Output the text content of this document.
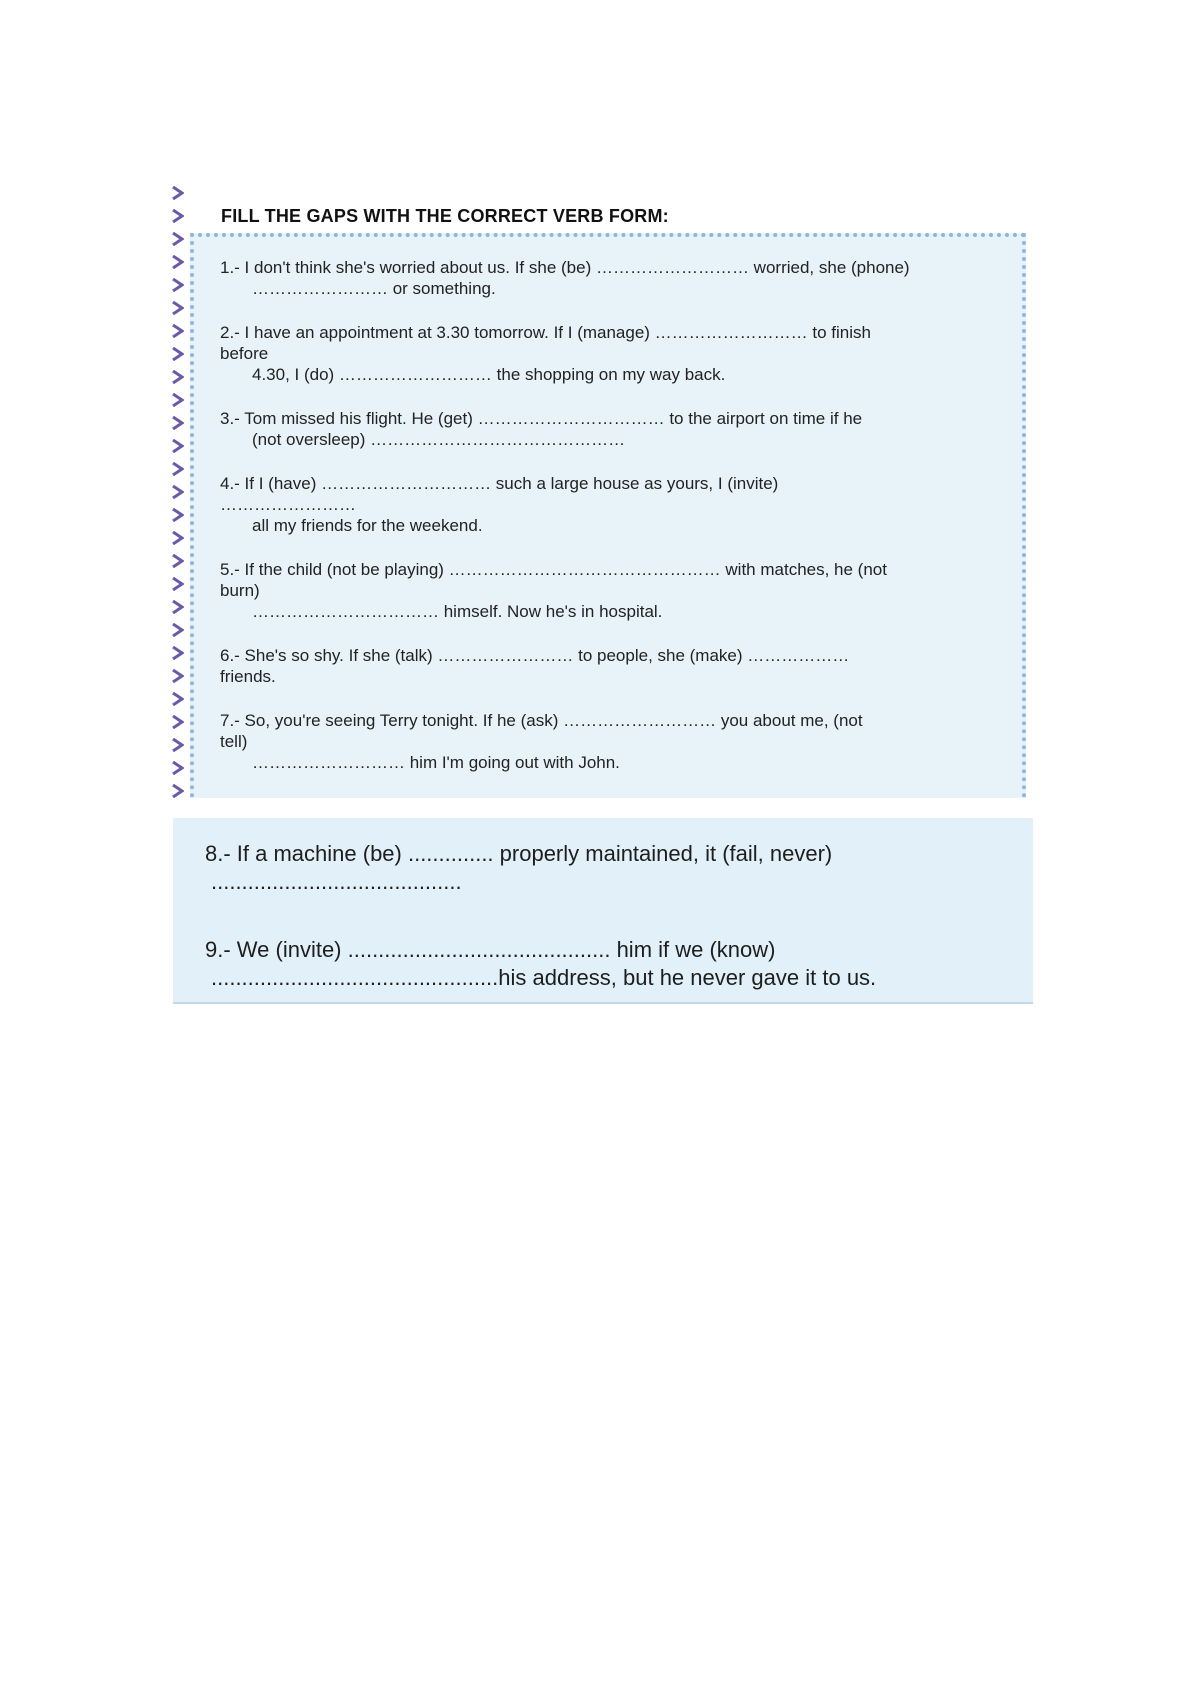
FILL THE GAPS WITH THE CORRECT VERB FORM:
1.- I don't think she's worried about us. If she (be) ……………………… worried, she (phone)
…………………… or something.
2.- I have an appointment at 3.30 tomorrow. If I (manage) ……………………… to finish
before
4.30, I (do) ……………………… the shopping on my way back.
3.- Tom missed his flight. He (get) …………………………… to the airport on time if he
(not oversleep) ………………………………………
4.- If I (have) ………………………… such a large house as yours, I (invite)
……………………
all my friends for the weekend.
5.- If the child (not be playing) ………………………………………… with matches, he (not
burn)
…………………………… himself. Now he's in hospital.
6.- She's so shy. If she (talk) …………………… to people, she (make) ………………
friends.
7.- So, you're seeing Terry tonight. If he (ask) ……………………… you about me, (not
tell)
……………………… him I'm going out with John.
8.- If a machine (be) .............. properly maintained, it (fail, never)
.........................................
9.- We (invite) ........................................... him if we (know)
...............................................his address, but he never gave it to us.
